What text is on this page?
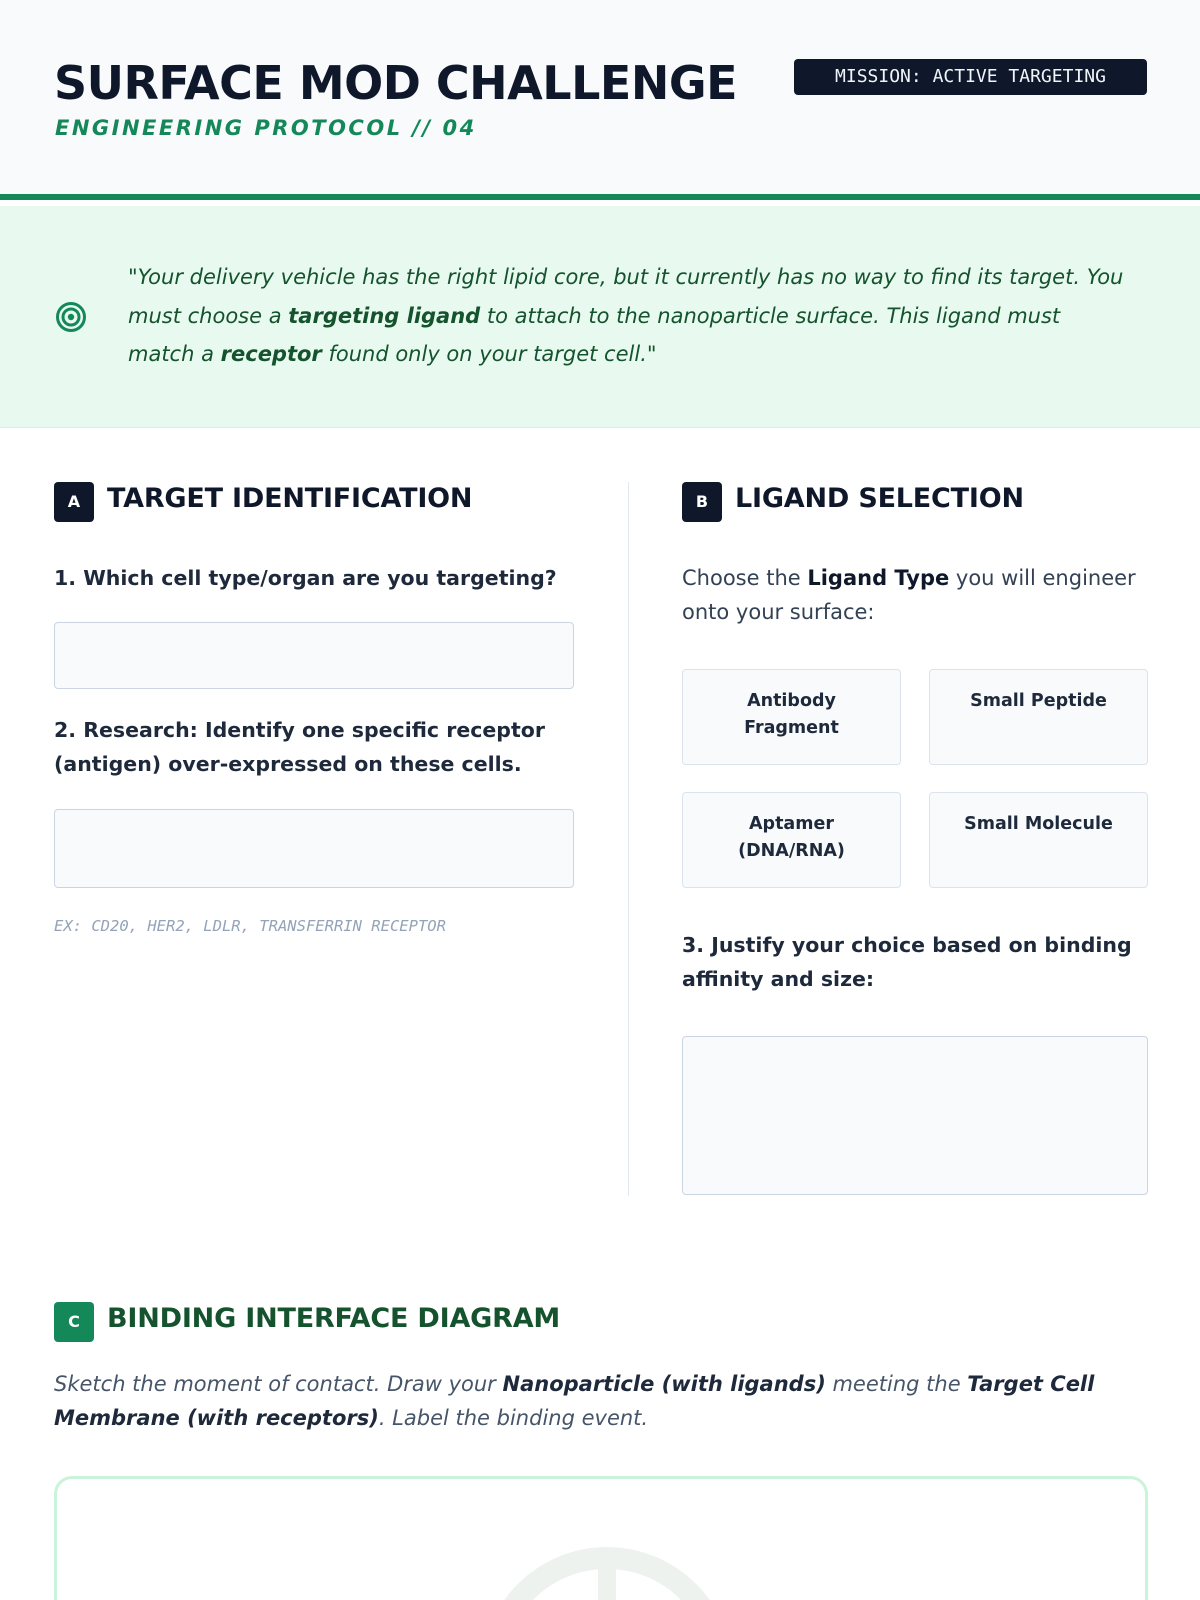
SURFACE MOD CHALLENGE
ENGINEERING PROTOCOL // 04
MISSION: ACTIVE TARGETING
"Your delivery vehicle has the right lipid core, but it currently has no way to find its target. You must choose a targeting ligand to attach to the nanoparticle surface. This ligand must match a receptor found only on your target cell."
A TARGET IDENTIFICATION
1. Which cell type/organ are you targeting?
2. Research: Identify one specific receptor (antigen) over-expressed on these cells.
EX: CD20, HER2, LDLR, TRANSFERRIN RECEPTOR
B LIGAND SELECTION
Choose the Ligand Type you will engineer onto your surface:
Antibody
Fragment
Small Peptide
Aptamer
(DNA/RNA)
Small Molecule
3. Justify your choice based on binding affinity and size:
C	BINDING INTERFACE DIAGRAM
Sketch the moment of contact. Draw your Nanoparticle (with ligands) meeting the Target Cell Membrane (with receptors). Label the binding event.
